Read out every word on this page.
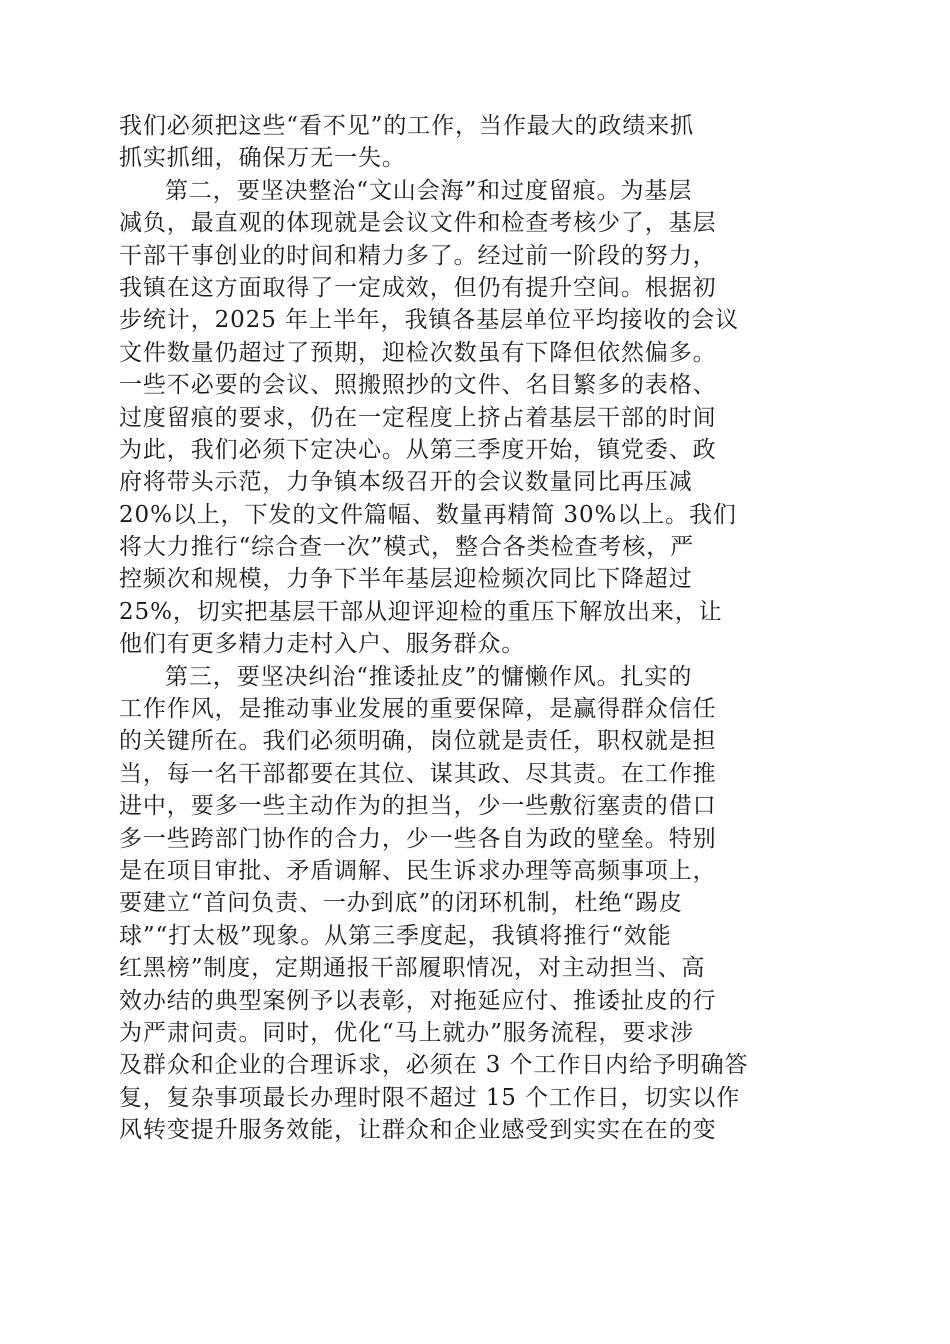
我们必须把这些“看不见”的工作，当作最大的政绩来抓
抓实抓细，确保万无一失。
第二，要坚决整治“文山会海”和过度留痕。为基层
减负，最直观的体现就是会议文件和检查考核少了，基层
干部干事创业的时间和精力多了。经过前一阶段的努力，
我镇在这方面取得了一定成效，但仍有提升空间。根据初
步统计，2025 年上半年，我镇各基层单位平均接收的会议
文件数量仍超过了预期，迎检次数虽有下降但依然偏多。
一些不必要的会议、照搬照抄的文件、名目繁多的表格、
过度留痕的要求，仍在一定程度上挤占着基层干部的时间
为此，我们必须下定决心。从第三季度开始，镇党委、政
府将带头示范，力争镇本级召开的会议数量同比再压减
20%以上，下发的文件篇幅、数量再精简 30%以上。我们
将大力推行“综合查一次”模式，整合各类检查考核，严
控频次和规模，力争下半年基层迎检频次同比下降超过
25%，切实把基层干部从迎评迎检的重压下解放出来，让
他们有更多精力走村入户、服务群众。
第三，要坚决纠治“推诿扯皮”的慵懒作风。扎实的
工作作风，是推动事业发展的重要保障，是赢得群众信任
的关键所在。我们必须明确，岗位就是责任，职权就是担
当，每一名干部都要在其位、谋其政、尽其责。在工作推
进中，要多一些主动作为的担当，少一些敷衍塞责的借口
多一些跨部门协作的合力，少一些各自为政的壁垒。特别
是在项目审批、矛盾调解、民生诉求办理等高频事项上，
要建立“首问负责、一办到底”的闭环机制，杜绝“踢皮
球”“打太极”现象。从第三季度起，我镇将推行“效能
红黑榜”制度，定期通报干部履职情况，对主动担当、高
效办结的典型案例予以表彰，对拖延应付、推诿扯皮的行
为严肃问责。同时，优化“马上就办”服务流程，要求涉
及群众和企业的合理诉求，必须在 3 个工作日内给予明确答
复，复杂事项最长办理时限不超过 15 个工作日，切实以作
风转变提升服务效能，让群众和企业感受到实实在在的变
